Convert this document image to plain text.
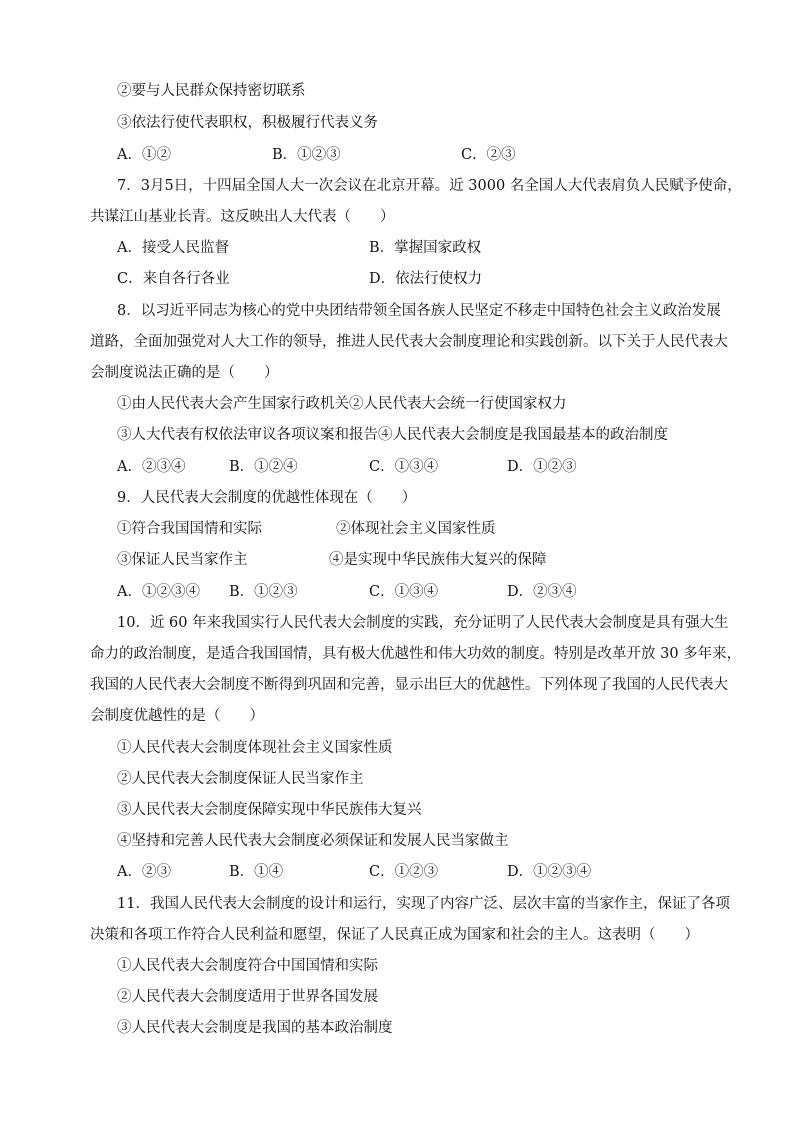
②要与人民群众保持密切联系
③依法行使代表职权，积极履行代表义务
A．①②	B．①②③	C．②③
7．3月5日，十四届全国人大一次会议在北京开幕。近 3000 名全国人大代表肩负人民赋予使命，
共谋江山基业长青。这反映出人大代表（　　）
A．接受人民监督	B．掌握国家政权
C．来自各行各业	D．依法行使权力
8．以习近平同志为核心的党中央团结带领全国各族人民坚定不移走中国特色社会主义政治发展
道路，全面加强党对人大工作的领导，推进人民代表大会制度理论和实践创新。以下关于人民代表大
会制度说法正确的是（　　）
①由人民代表大会产生国家行政机关②人民代表大会统一行使国家权力
③人大代表有权依法审议各项议案和报告④人民代表大会制度是我国最基本的政治制度
A．②③④	B．①②④	C．①③④	D．①②③
9．人民代表大会制度的优越性体现在（　　）
①符合我国国情和实际	②体现社会主义国家性质
③保证人民当家作主	④是实现中华民族伟大复兴的保障
A．①②③④ B．①②③	C．①③④	D．②③④
10．近 60 年来我国实行人民代表大会制度的实践，充分证明了人民代表大会制度是具有强大生
命力的政治制度，是适合我国国情，具有极大优越性和伟大功效的制度。特别是改革开放 30 多年来，
我国的人民代表大会制度不断得到巩固和完善，显示出巨大的优越性。下列体现了我国的人民代表大
会制度优越性的是（　　）
①人民代表大会制度体现社会主义国家性质
②人民代表大会制度保证人民当家作主
③人民代表大会制度保障实现中华民族伟大复兴
④坚持和完善人民代表大会制度必须保证和发展人民当家做主
A．②③	B．①④	C．①②③	D．①②③④
11．我国人民代表大会制度的设计和运行，实现了内容广泛、层次丰富的当家作主，保证了各项
决策和各项工作符合人民利益和愿望，保证了人民真正成为国家和社会的主人。这表明（　　）
①人民代表大会制度符合中国国情和实际
②人民代表大会制度适用于世界各国发展
③人民代表大会制度是我国的基本政治制度
